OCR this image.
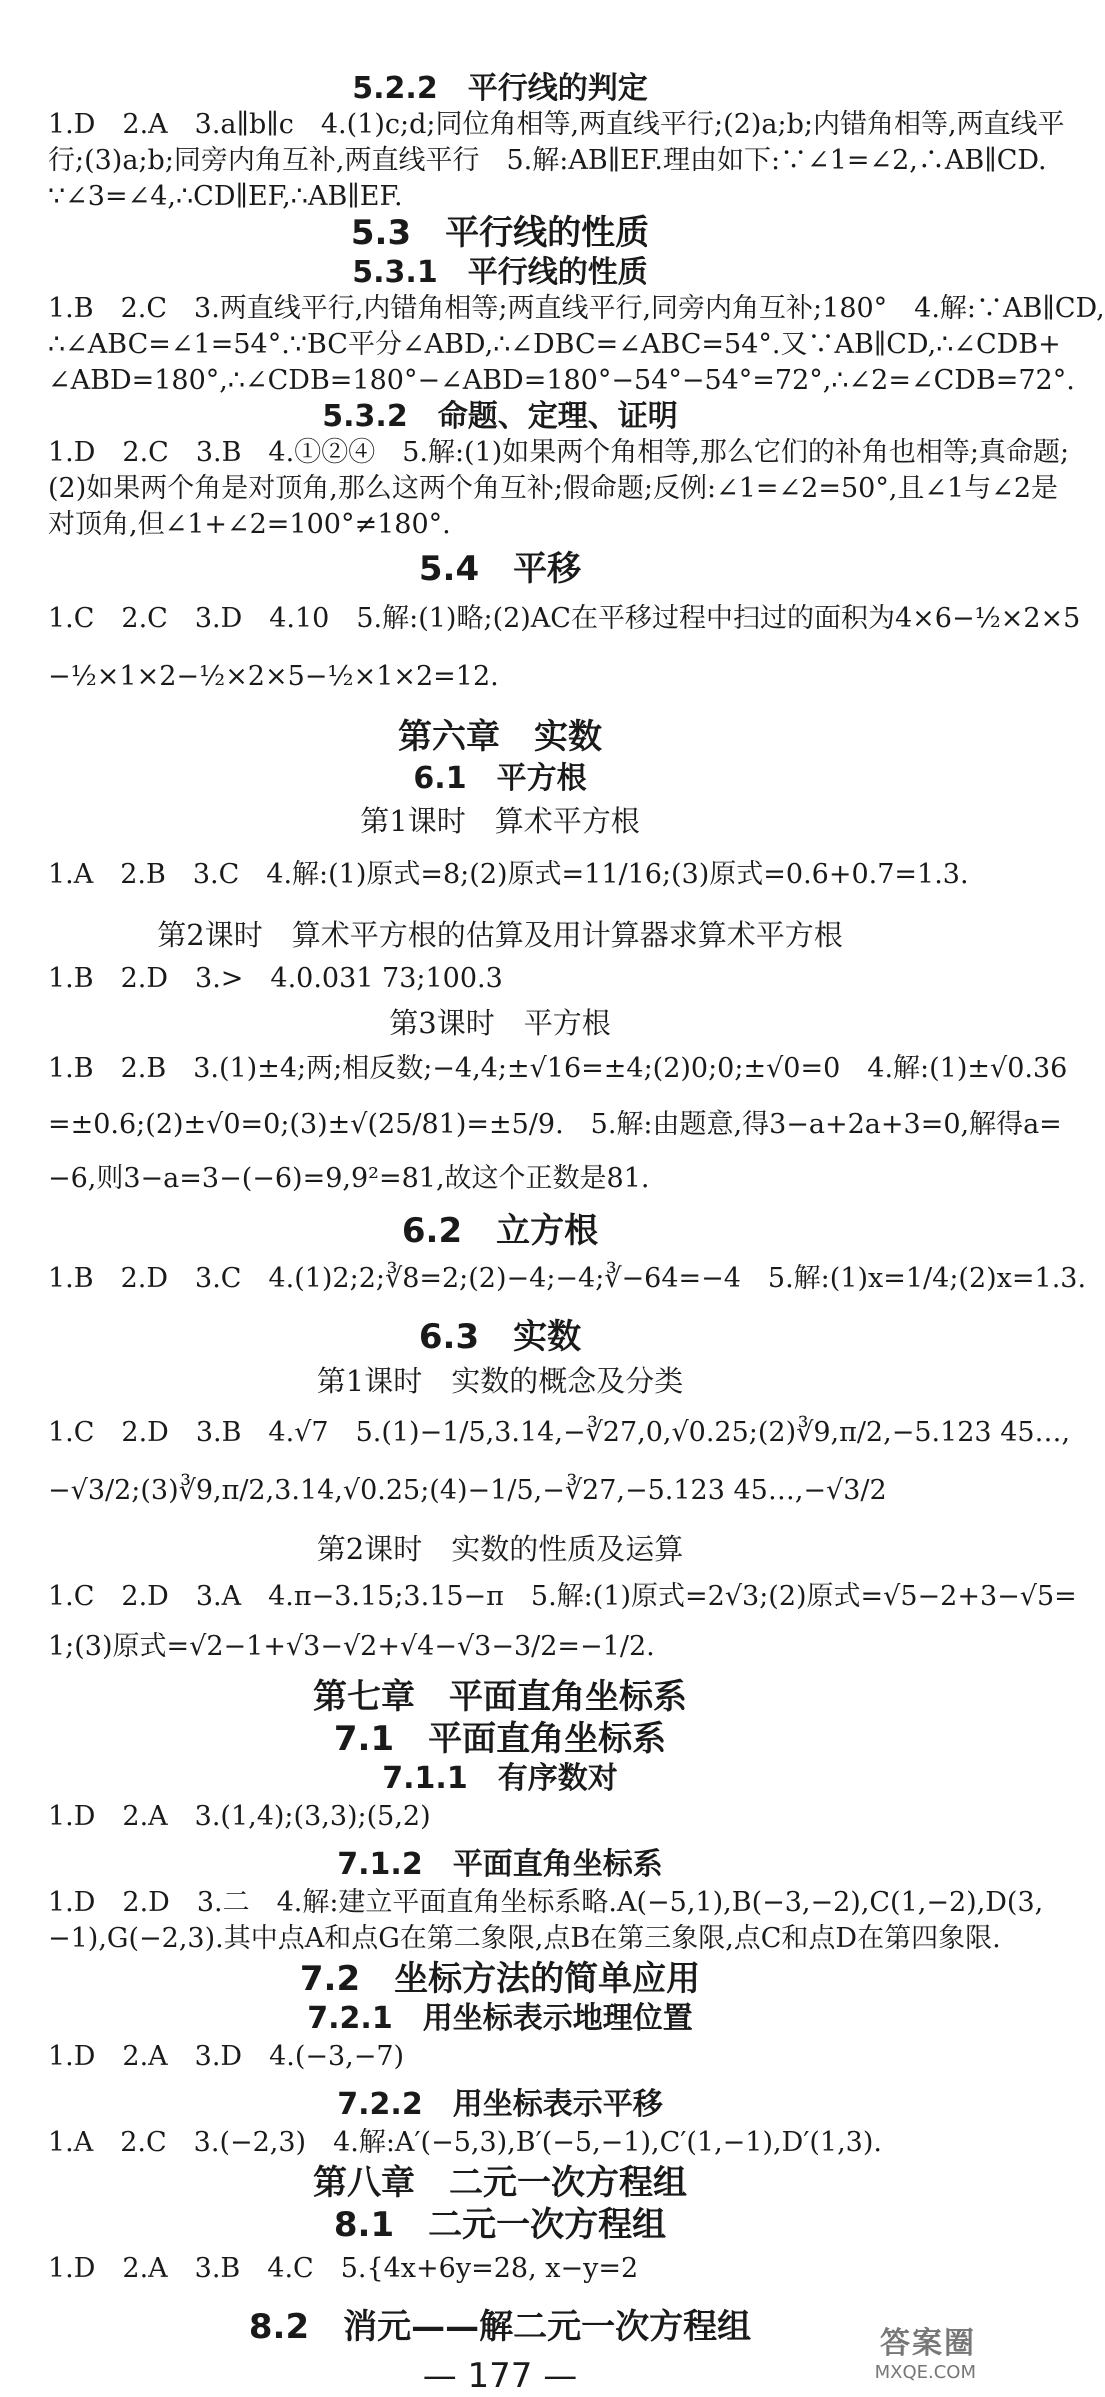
5.2.2　平行线的判定
1.D　2.A　3.a∥b∥c　4.(1)c;d;同位角相等,两直线平行;(2)a;b;内错角相等,两直线平
行;(3)a;b;同旁内角互补,两直线平行　5.解:AB∥EF.理由如下:∵∠1=∠2,∴AB∥CD.
∵∠3=∠4,∴CD∥EF,∴AB∥EF.
5.3　平行线的性质
5.3.1　平行线的性质
1.B　2.C　3.两直线平行,内错角相等;两直线平行,同旁内角互补;180°　4.解:∵AB∥CD,
∴∠ABC=∠1=54°.∵BC平分∠ABD,∴∠DBC=∠ABC=54°.又∵AB∥CD,∴∠CDB+
∠ABD=180°,∴∠CDB=180°−∠ABD=180°−54°−54°=72°,∴∠2=∠CDB=72°.
5.3.2　命题、定理、证明
1.D　2.C　3.B　4.①②④　5.解:(1)如果两个角相等,那么它们的补角也相等;真命题;
(2)如果两个角是对顶角,那么这两个角互补;假命题;反例:∠1=∠2=50°,且∠1与∠2是
对顶角,但∠1+∠2=100°≠180°.
5.4　平移
1.C　2.C　3.D　4.10　5.解:(1)略;(2)AC在平移过程中扫过的面积为4×6−½×2×5
−½×1×2−½×2×5−½×1×2=12.
第六章　实数
6.1　平方根
第1课时　算术平方根
1.A　2.B　3.C　4.解:(1)原式=8;(2)原式=11/16;(3)原式=0.6+0.7=1.3.
第2课时　算术平方根的估算及用计算器求算术平方根
1.B　2.D　3.>　4.0.031 73;100.3
第3课时　平方根
1.B　2.B　3.(1)±4;两;相反数;−4,4;±√16=±4;(2)0;0;±√0=0　4.解:(1)±√0.36
=±0.6;(2)±√0=0;(3)±√(25/81)=±5/9.　5.解:由题意,得3−a+2a+3=0,解得a=
−6,则3−a=3−(−6)=9,9²=81,故这个正数是81.
6.2　立方根
1.B　2.D　3.C　4.(1)2;2;∛8=2;(2)−4;−4;∛−64=−4　5.解:(1)x=1/4;(2)x=1.3.
6.3　实数
第1课时　实数的概念及分类
1.C　2.D　3.B　4.√7　5.(1)−1/5,3.14,−∛27,0,√0.25;(2)∛9,π/2,−5.123 45…,
−√3/2;(3)∛9,π/2,3.14,√0.25;(4)−1/5,−∛27,−5.123 45…,−√3/2
第2课时　实数的性质及运算
1.C　2.D　3.A　4.π−3.15;3.15−π　5.解:(1)原式=2√3;(2)原式=√5−2+3−√5=
1;(3)原式=√2−1+√3−√2+√4−√3−3/2=−1/2.
第七章　平面直角坐标系
7.1　平面直角坐标系
7.1.1　有序数对
1.D　2.A　3.(1,4);(3,3);(5,2)
7.1.2　平面直角坐标系
1.D　2.D　3.二　4.解:建立平面直角坐标系略.A(−5,1),B(−3,−2),C(1,−2),D(3,
−1),G(−2,3).其中点A和点G在第二象限,点B在第三象限,点C和点D在第四象限.
7.2　坐标方法的简单应用
7.2.1　用坐标表示地理位置
1.D　2.A　3.D　4.(−3,−7)
7.2.2　用坐标表示平移
1.A　2.C　3.(−2,3)　4.解:A′(−5,3),B′(−5,−1),C′(1,−1),D′(1,3).
第八章　二元一次方程组
8.1　二元一次方程组
1.D　2.A　3.B　4.C　5.{4x+6y=28, x−y=2
8.2　消元——解二元一次方程组
— 177 —
答案圈
MXQE.COM
